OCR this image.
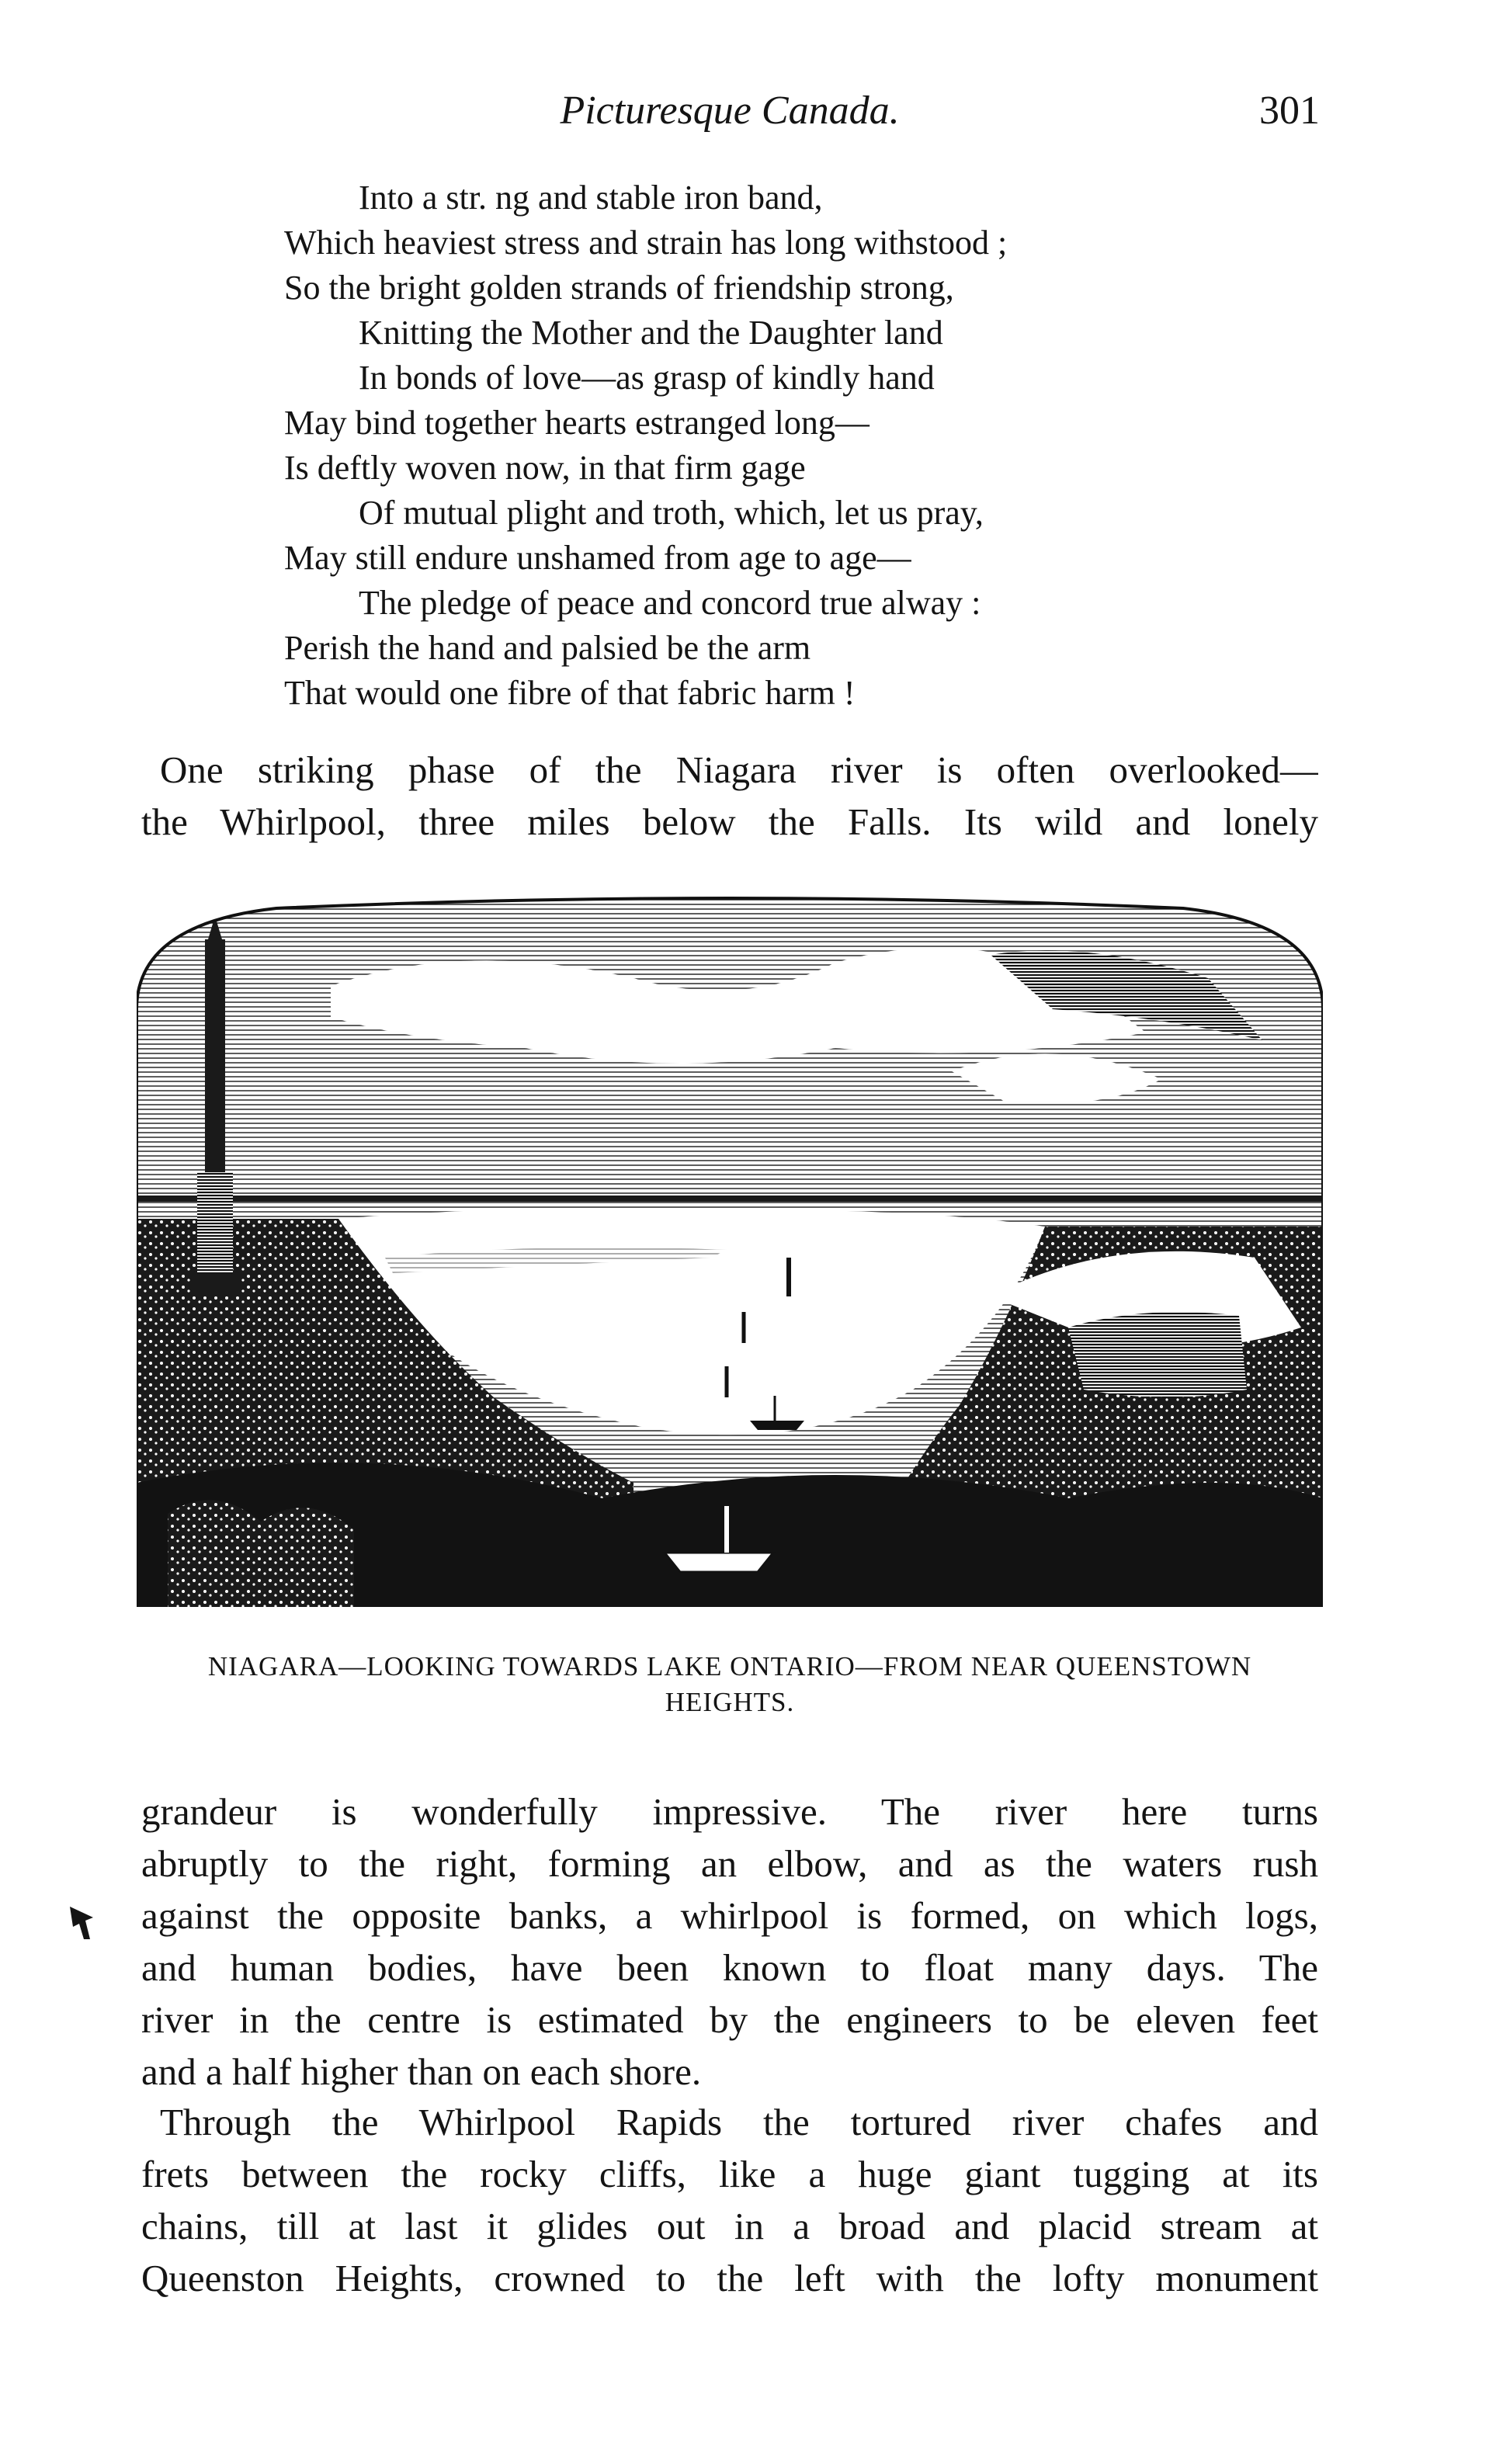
Picturesque Canada.	301
Into a str. ng and stable iron band,
Which heaviest stress and strain has long withstood ;
So the bright golden strands of friendship strong,
Knitting the Mother and the Daughter land
In bonds of love—as grasp of kindly hand
May bind together hearts estranged long—
Is deftly woven now, in that firm gage
Of mutual plight and troth, which, let us pray,
May still endure unshamed from age to age—
The pledge of peace and concord true alway :
Perish the hand and palsied be the arm
That would one fibre of that fabric harm !
One striking phase of the Niagara river is often overlooked—
the Whirlpool, three miles below the Falls. Its wild and lonely
NIAGARA—LOOKING TOWARDS LAKE ONTARIO—FROM NEAR QUEENSTOWN
HEIGHTS.
grandeur is wonderfully impressive. The river here turns
abruptly to the right, forming an elbow, and as the waters rush
against the opposite banks, a whirlpool is formed, on which logs,
and human bodies, have been known to float many days. The
river in the centre is estimated by the engineers to be eleven feet
and a half higher than on each shore.
Through the Whirlpool Rapids the tortured river chafes and
frets between the rocky cliffs, like a huge giant tugging at its
chains, till at last it glides out in a broad and placid stream at
Queenston Heights, crowned to the left with the lofty monument
